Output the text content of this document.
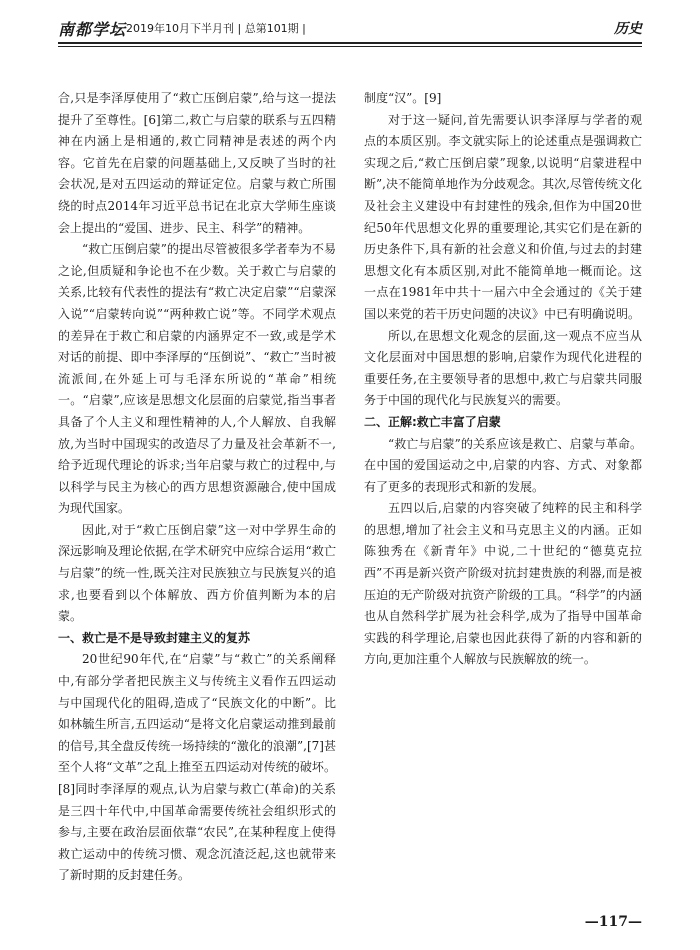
南都学坛 2019年10月下半月刊 | 总第101期 |	历史

合,只是李泽厚使用了“救亡压倒启蒙”,给与这一提法提升了至尊性。[6]第二,救亡与启蒙的联系与五四精神在内涵上是相通的,救亡同精神是表述的两个内容。它首先在启蒙的问题基础上,又反映了当时的社会状况,是对五四运动的辩证定位。启蒙与救亡所围绕的时点2014年习近平总书记在北京大学师生座谈会上提出的“爱国、进步、民主、科学”的精神。

“救亡压倒启蒙”的提出尽管被很多学者奉为不易之论,但质疑和争论也不在少数。关于救亡与启蒙的关系,比较有代表性的提法有“救亡决定启蒙”“启蒙深入说”“启蒙转向说”“两种救亡说”等。不同学术观点的差异在于救亡和启蒙的内涵界定不一致,或是学术对话的前提、即中李泽厚的“压倒说”、“救亡”当时被流派间,在外延上可与毛泽东所说的“革命”相统一。“启蒙”,应该是思想文化层面的启蒙觉,指当事者具备了个人主义和理性精神的人,个人解放、自我解放,为当时中国现实的改造尽了力量及社会革新不一,给予近现代理论的诉求;当年启蒙与救亡的过程中,与以科学与民主为核心的西方思想资源融合,使中国成为现代国家。

因此,对于“救亡压倒启蒙”这一对中学界生命的深远影响及理论依据,在学术研究中应综合运用“救亡与启蒙”的统一性,既关注对民族独立与民族复兴的追求,也要看到以个体解放、西方价值判断为本的启蒙。

一、救亡是不是导致封建主义的复苏

20世纪90年代,在“启蒙”与“救亡”的关系阐释中,有部分学者把民族主义与传统主义看作五四运动与中国现代化的阻碍,造成了“民族文化的中断”。比如林毓生所言,五四运动“是将文化启蒙运动推到最前的信号,其全盘反传统一场持续的“激化的浪潮”,[7]甚至个人将“文革”之乱上推至五四运动对传统的破坏。[8]同时李泽厚的观点,认为启蒙与救亡(革命)的关系是三四十年代中,中国革命需要传统社会组织形式的参与,主要在政治层面依靠“农民”,在某种程度上使得救亡运动中的传统习惯、观念沉渣泛起,这也就带来了新时期的反封建任务。

制度“汉”。[9]

对于这一疑问,首先需要认识李泽厚与学者的观点的本质区别。李文就实际上的论述重点是强调救亡实现之后,“救亡压倒启蒙”现象,以说明“启蒙进程中断”,决不能简单地作为分歧观念。其次,尽管传统文化及社会主义建设中有封建性的残余,但作为中国20世纪50年代思想文化界的重要理论,其实它们是在新的历史条件下,具有新的社会意义和价值,与过去的封建思想文化有本质区别,对此不能简单地一概而论。这一点在1981年中共十一届六中全会通过的《关于建国以来党的若干历史问题的决议》中已有明确说明。

所以,在思想文化观念的层面,这一观点不应当从文化层面对中国思想的影响,启蒙作为现代化进程的重要任务,在主要领导者的思想中,救亡与启蒙共同服务于中国的现代化与民族复兴的需要。

二、正解:救亡丰富了启蒙

“救亡与启蒙”的关系应该是救亡、启蒙与革命。在中国的爱国运动之中,启蒙的内容、方式、对象都有了更多的表现形式和新的发展。

五四以后,启蒙的内容突破了纯粹的民主和科学的思想,增加了社会主义和马克思主义的内涵。正如陈独秀在《新青年》中说,二十世纪的“德莫克拉西”不再是新兴资产阶级对抗封建贵族的利器,而是被压迫的无产阶级对抗资产阶级的工具。“科学”的内涵也从自然科学扩展为社会科学,成为了指导中国革命实践的科学理论,启蒙也因此获得了新的内容和新的方向,更加注重个人解放与民族解放的统一。

—117—
